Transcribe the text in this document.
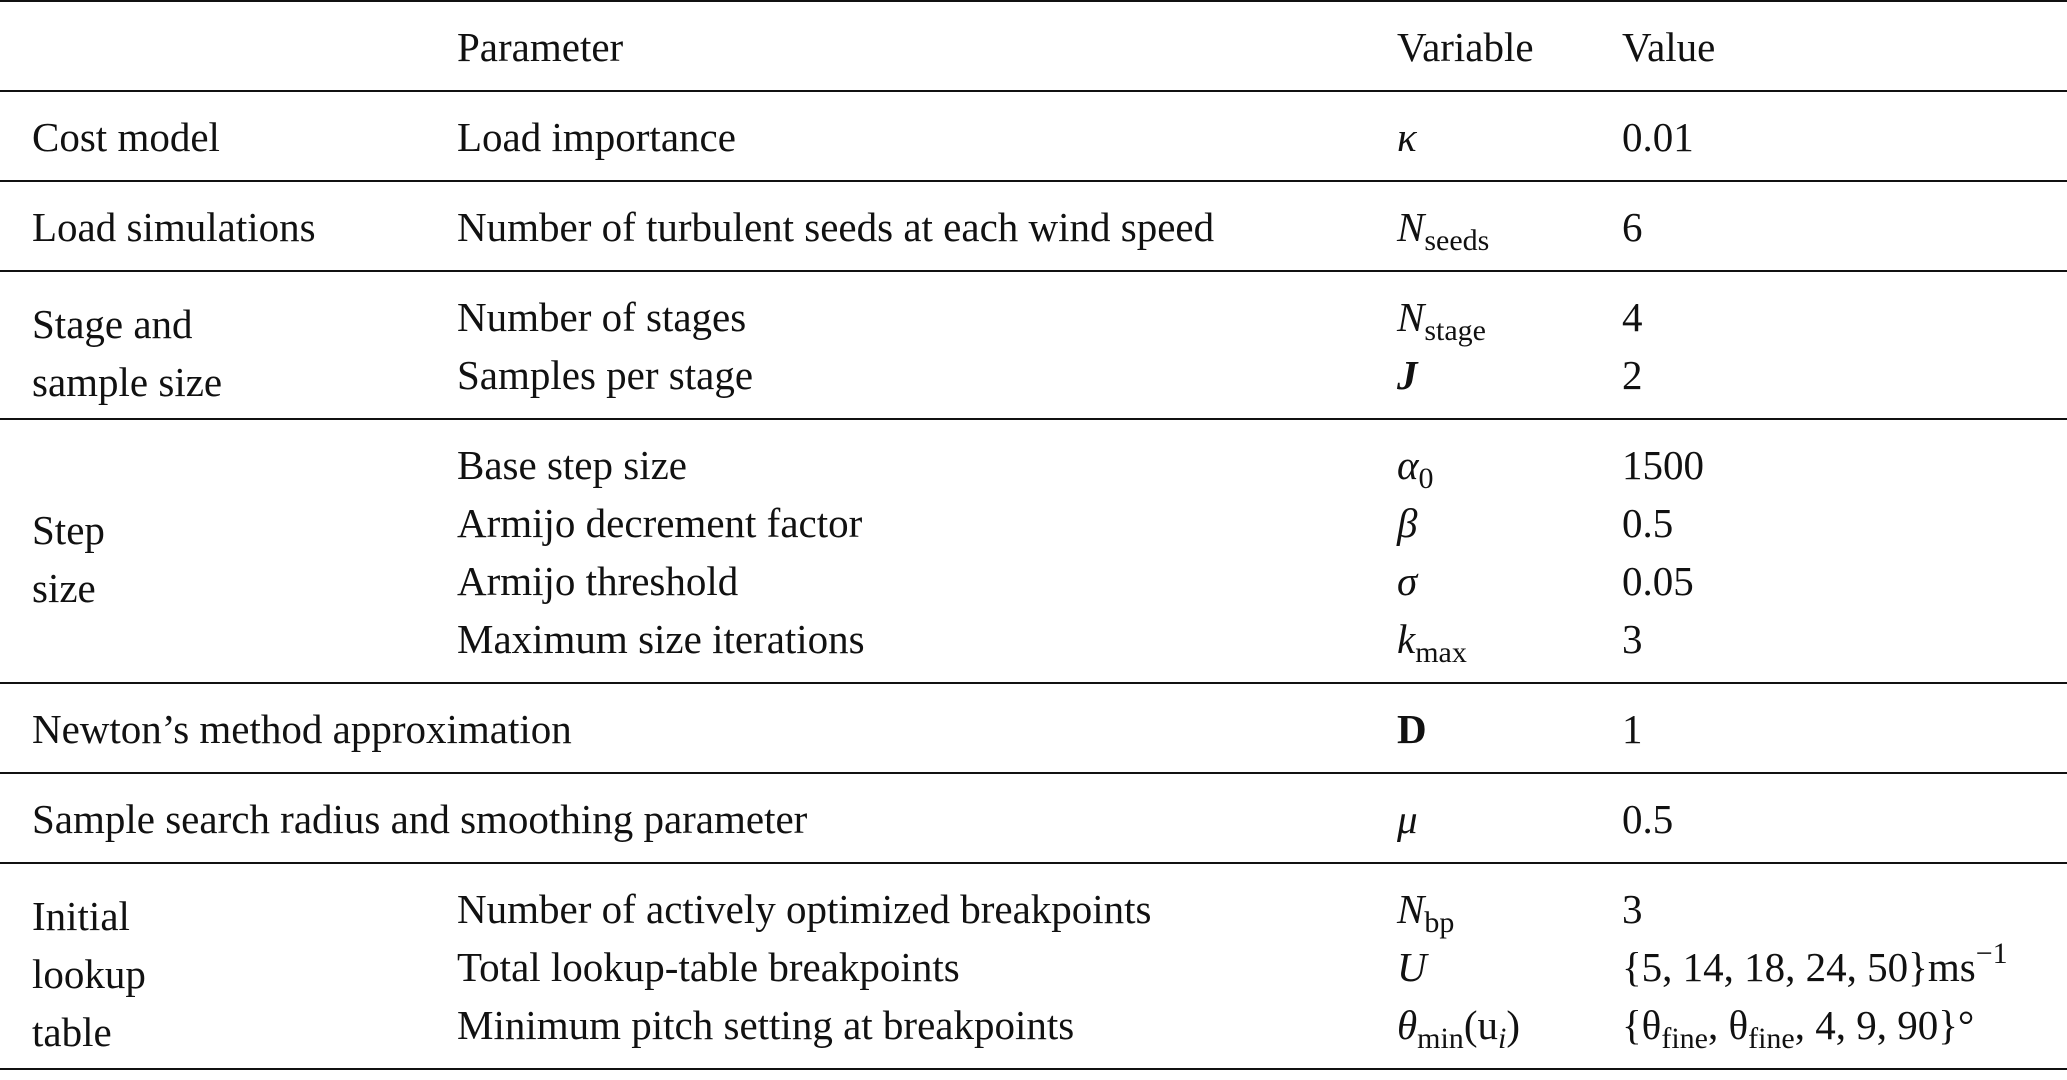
	Parameter	Variable	Value

Cost model	Load importance	κ	0.01

Load simulations	Number of turbulent seeds at each wind speed	$N_{seeds}$	6

Stage and
sample size	Number of stages	$N_{stage}$	4
	Samples per stage	J	2

Step
size	Base step size	$\alpha_0$	1500
	Armijo decrement factor	β	0.5
	Armijo threshold	σ	0.05
	Maximum size iterations	$k_{max}$	3

Newton’s method approximation		D	1

Sample search radius and smoothing parameter		μ	0.5

Initial
lookup
table	Number of actively optimized breakpoints	$N_{bp}$	3
	Total lookup-table breakpoints	U	{5, 14, 18, 24, $50\}ms^{-1}$
	Minimum pitch setting at breakpoints	$\theta_{min}(u_i)$	{$\theta_{fine}$, $\theta_{fine}$, 4, 9, 90}°
